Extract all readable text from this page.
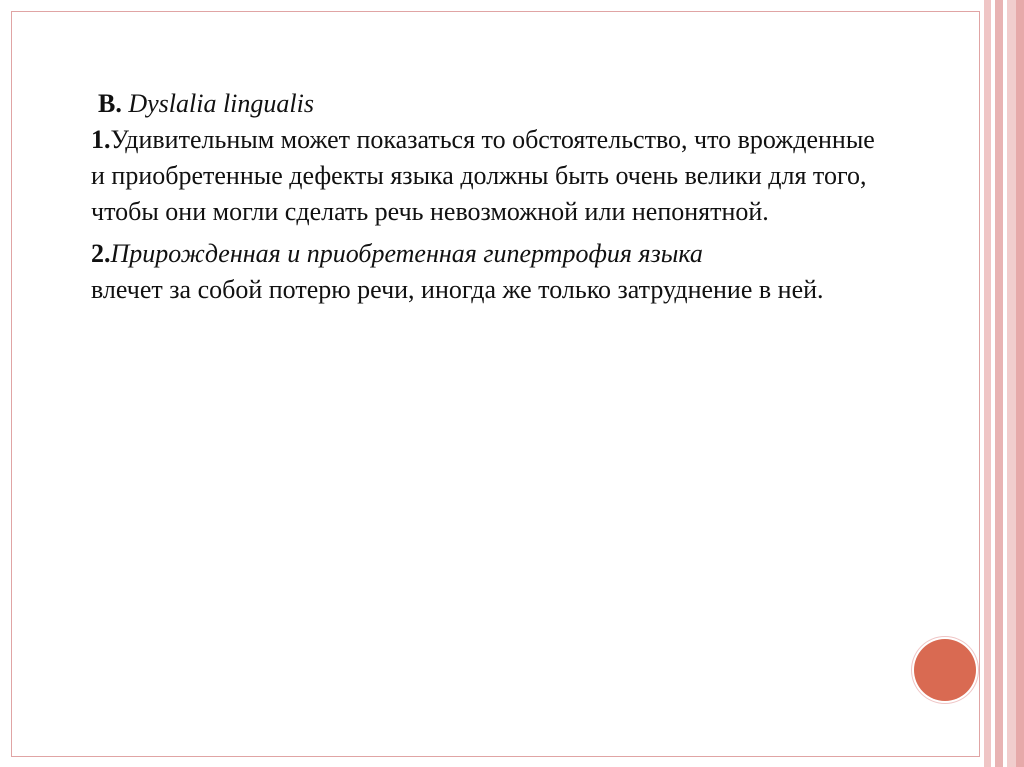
B. Dyslalia lingualis

1.Удивительным может показаться то обстоятельство, что врожденные и приобретенные дефекты языка должны быть очень велики для того, чтобы они могли сделать речь невозможной или непонятной.

2.Прирожденная и приобретенная гипертрофия языка
влечет за собой потерю речи, иногда же только затруднение в ней.
